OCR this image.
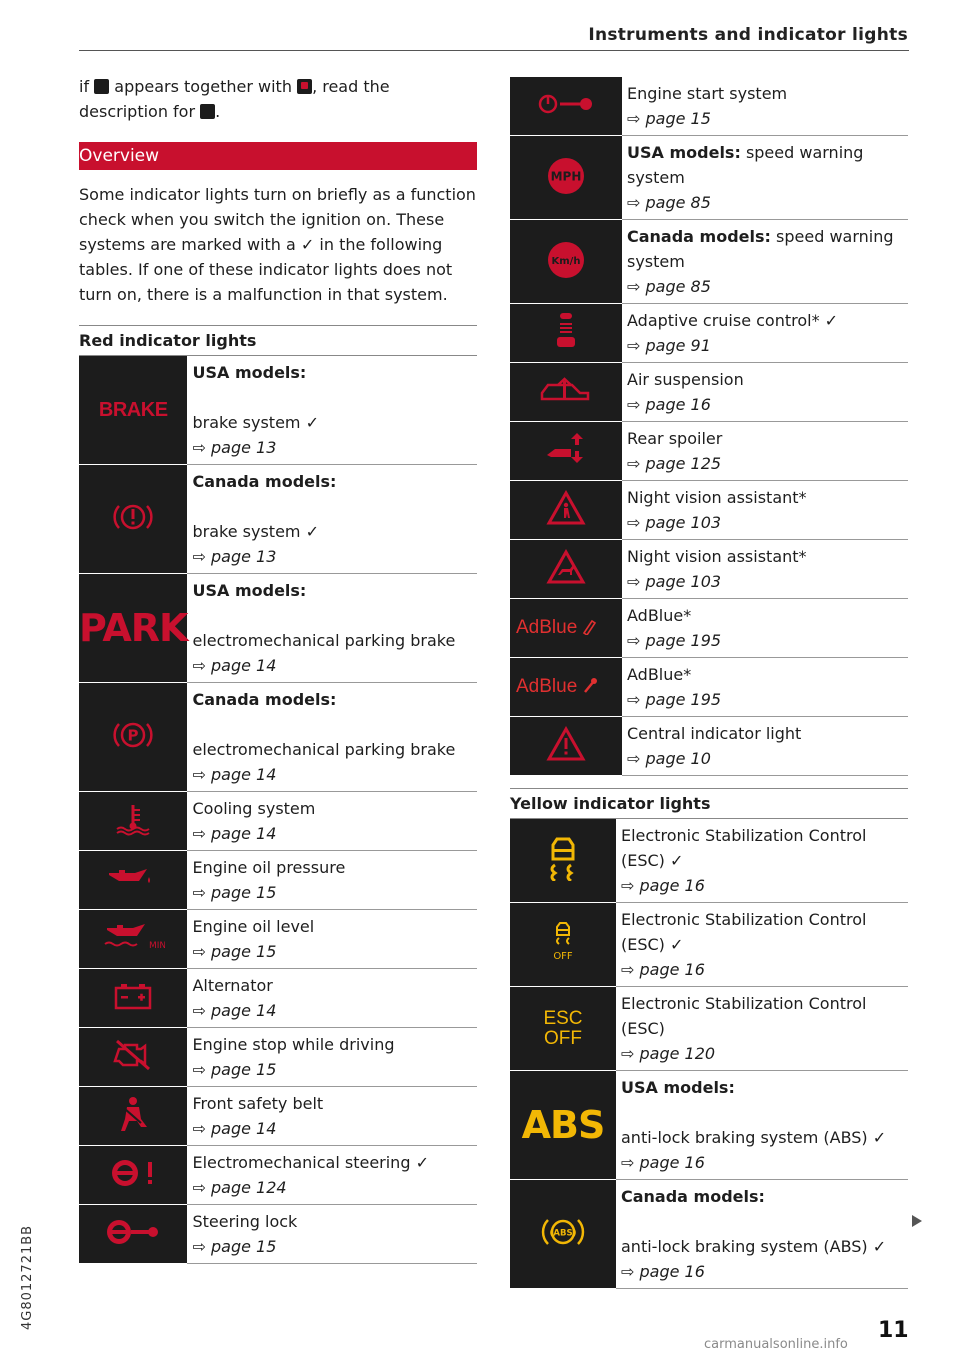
Instruments and indicator lights

if appears together with , read the description for .

Overview

Some indicator lights turn on briefly as a function check when you switch the ignition on. These systems are marked with a ✓ in the following tables. If one of these indicator lights does not turn on, there is a malfunction in that system.

Red indicator lights
BRAKE	USA models:
brake system ✓
⇨ page 13

Canada models:
brake system ✓
⇨ page 13

PARK	USA models:
electromechanical parking brake
⇨ page 14

P	Canada models:
electromechanical parking brake
⇨ page 14

Cooling system
⇨ page 14

Engine oil pressure
⇨ page 15

MIN	Engine oil level
⇨ page 15

Alternator
⇨ page 14

Engine stop while driving
⇨ page 15

Front safety belt
⇨ page 14

Electromechanical steering ✓
⇨ page 124

Steering lock
⇨ page 15

Engine start system
⇨ page 15

MPH	USA models: speed warning system
⇨ page 85

Km/h	Canada models: speed warning system
⇨ page 85

Adaptive cruise control* ✓
⇨ page 91

Air suspension
⇨ page 16

Rear spoiler
⇨ page 125

Night vision assistant*
⇨ page 103

Night vision assistant*
⇨ page 103

AdBlue	AdBlue*
⇨ page 195

AdBlue	AdBlue*
⇨ page 195

Central indicator light
⇨ page 10
Yellow indicator lights

Electronic Stabilization Control (ESC) ✓
⇨ page 16

OFF	Electronic Stabilization Control (ESC) ✓
⇨ page 16

ESC OFF	Electronic Stabilization Control (ESC)
⇨ page 120

ABS	USA models:
anti-lock braking system (ABS) ✓
⇨ page 16

(ABS)	Canada models:
anti-lock braking system (ABS) ✓
⇨ page 16
4G8012721BB
11
carmanualsonline.info
